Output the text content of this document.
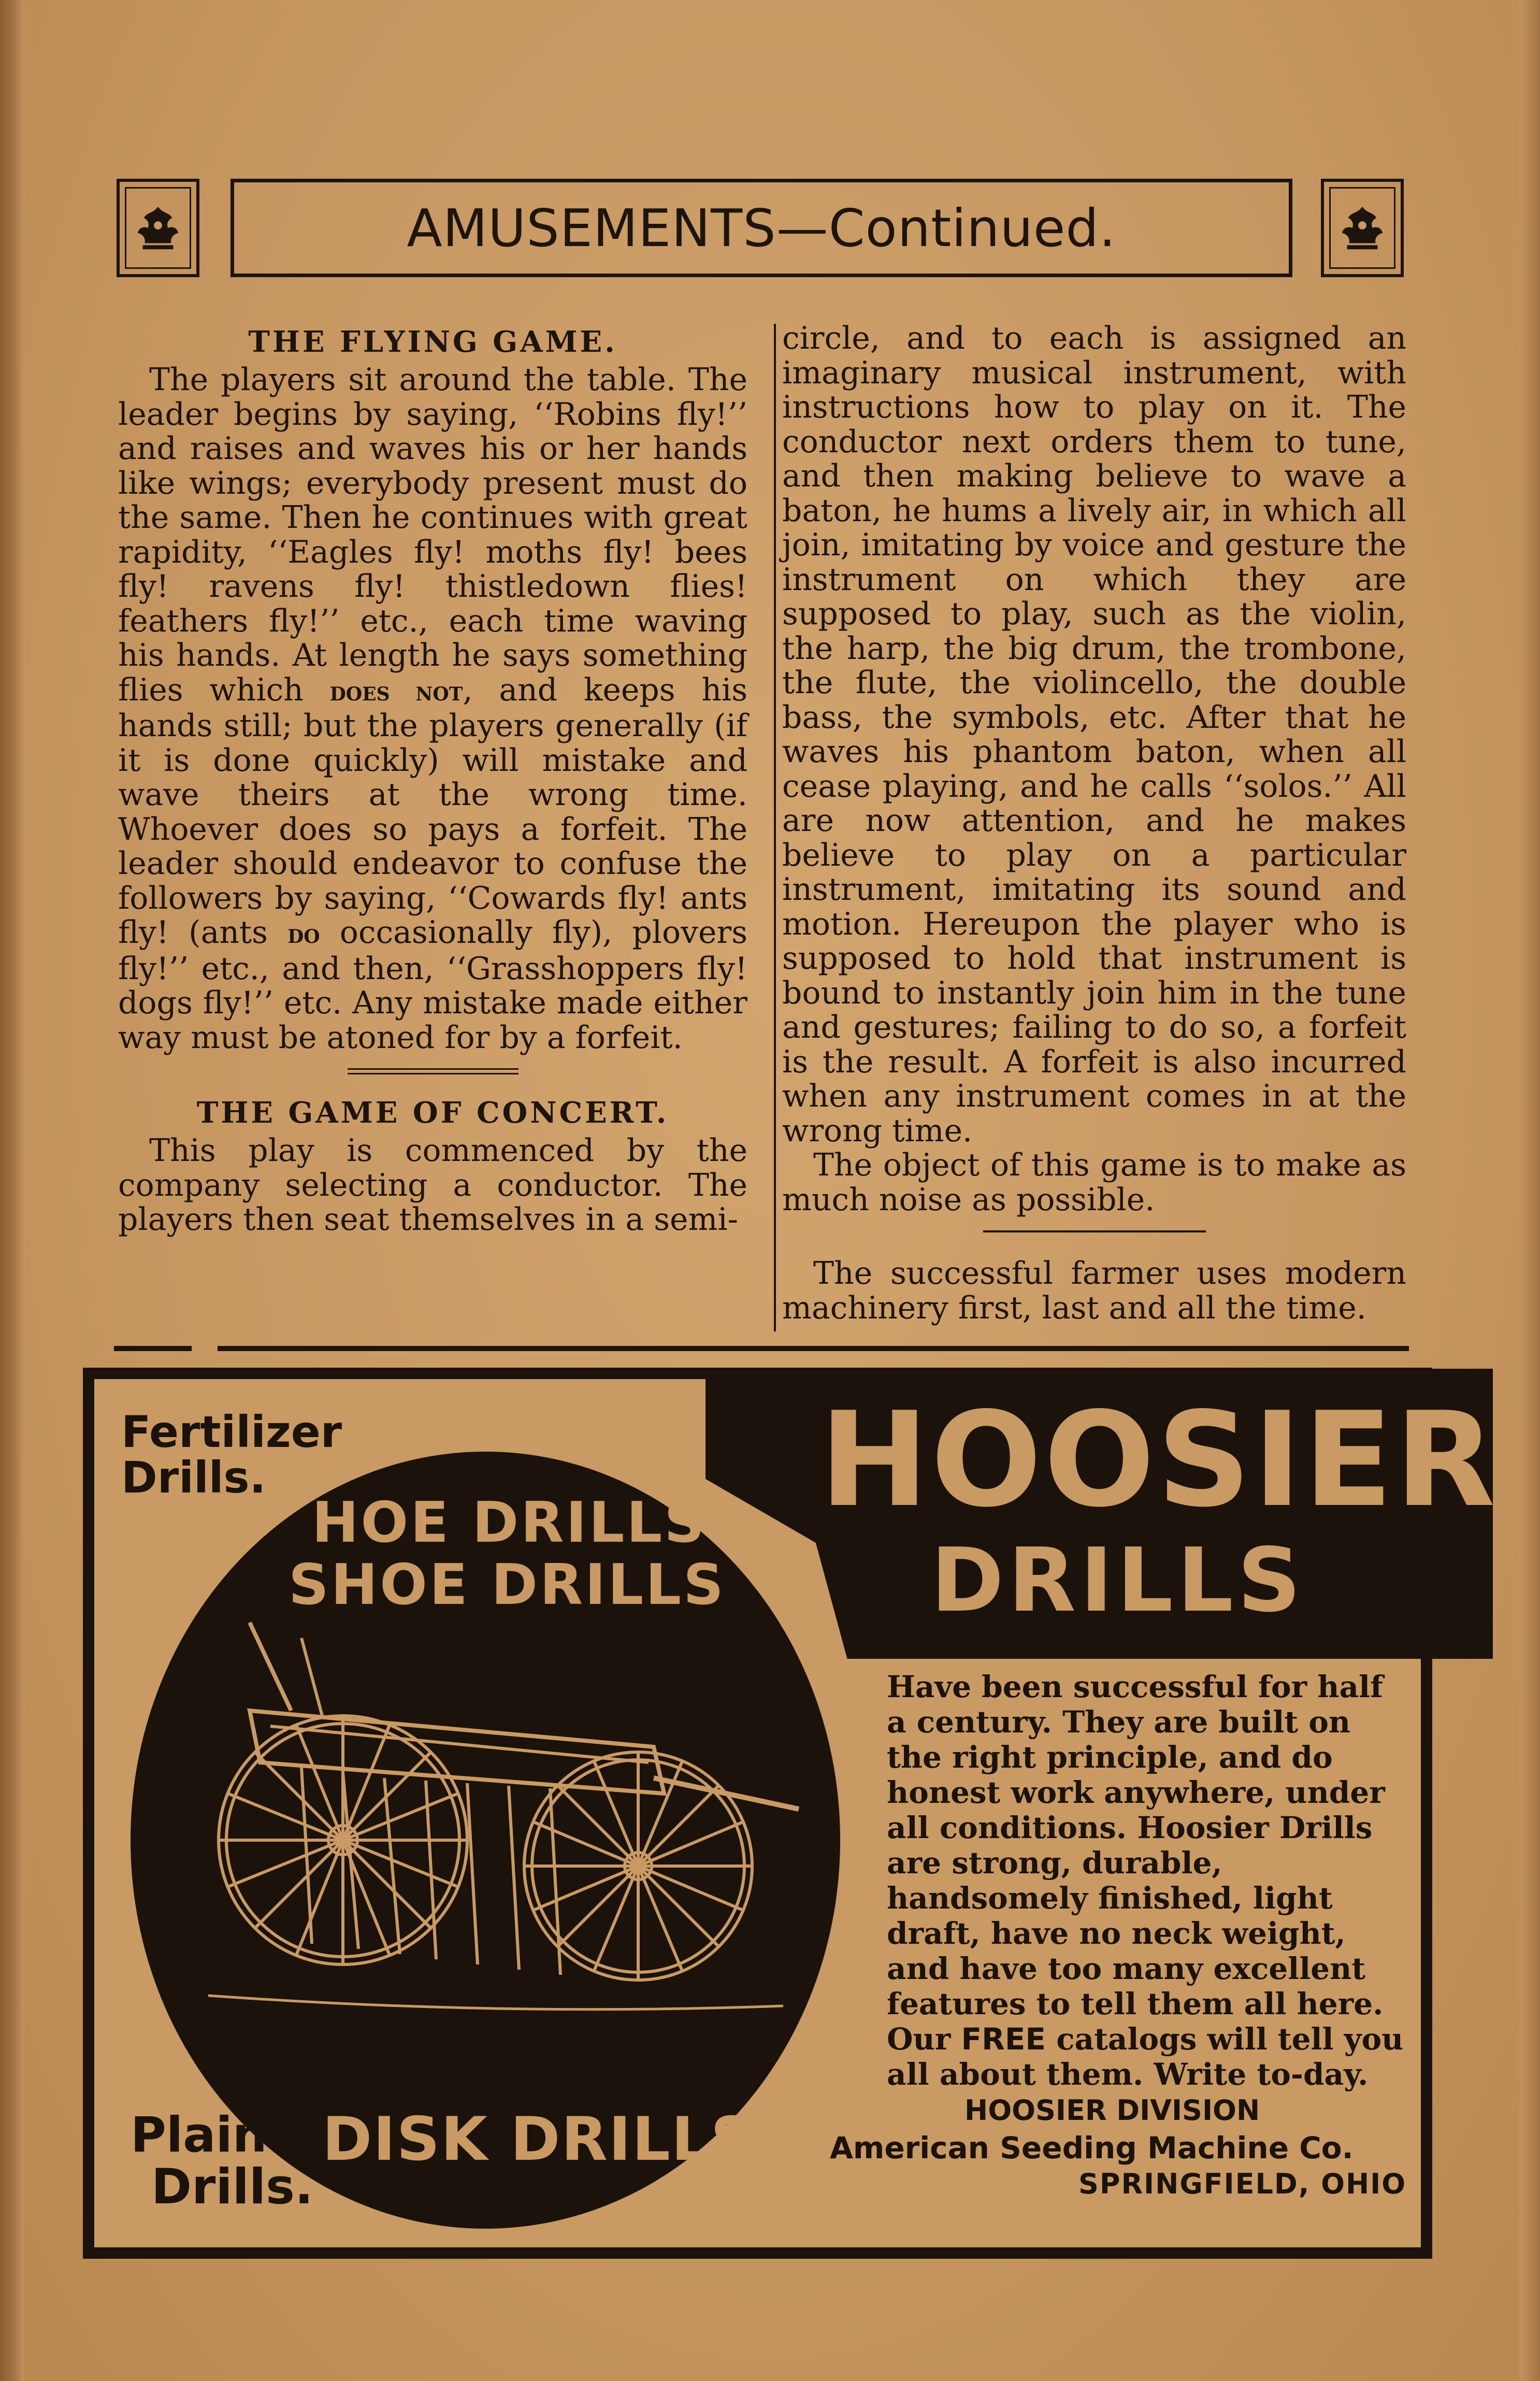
AMUSEMENTS—Continued.
THE FLYING GAME.

The players sit around the table. The leader begins by saying, ‘‘Robins fly!’’ and raises and waves his or her hands like wings; everybody present must do the same. Then he continues with great rapidity, ‘‘Eagles fly! moths fly! bees fly! ravens fly! thistledown flies! feathers fly!’’ etc., each time waving his hands. At length he says something flies which does not, and keeps his hands still; but the players generally (if it is done quickly) will mistake and wave theirs at the wrong time. Whoever does so pays a forfeit. The leader should endeavor to confuse the followers by saying, ‘‘Cowards fly! ants fly! (ants do occasionally fly), plovers fly!’’ etc., and then, ‘‘Grasshoppers fly! dogs fly!’’ etc. Any mistake made either way must be atoned for by a forfeit.

THE GAME OF CONCERT.

This play is commenced by the company selecting a conductor. The players then seat themselves in a semi-

circle, and to each is assigned an imaginary musical instrument, with instructions how to play on it. The conductor next orders them to tune, and then making believe to wave a baton, he hums a lively air, in which all join, imitating by voice and gesture the instrument on which they are supposed to play, such as the violin, the harp, the big drum, the trombone, the flute, the violincello, the double bass, the symbols, etc. After that he waves his phantom baton, when all cease playing, and he calls ‘‘solos.’’ All are now attention, and he makes believe to play on a particular instrument, imitating its sound and motion. Hereupon the player who is supposed to hold that instrument is bound to instantly join him in the tune and gestures; failing to do so, a forfeit is the result. A forfeit is also incurred when any instrument comes in at the wrong time.

The object of this game is to make as much noise as possible.

The successful farmer uses modern machinery first, last and all the time.

Fertilizer
Drills.
HOE DRILLS
SHOE DRILLS
HOOSIER
DRILLS
DISK DRILLS
Plain
Drills.
Have been successful for half a century. They are built on the right principle, and do honest work anywhere, under all conditions. Hoosier Drills are strong, durable, handsomely finished, light draft, have no neck weight, and have too many excellent features to tell them all here. Our FREE catalogs will tell you all about them. Write to-day.
HOOSIER DIVISION
American Seeding Machine Co.
SPRINGFIELD, OHIO
